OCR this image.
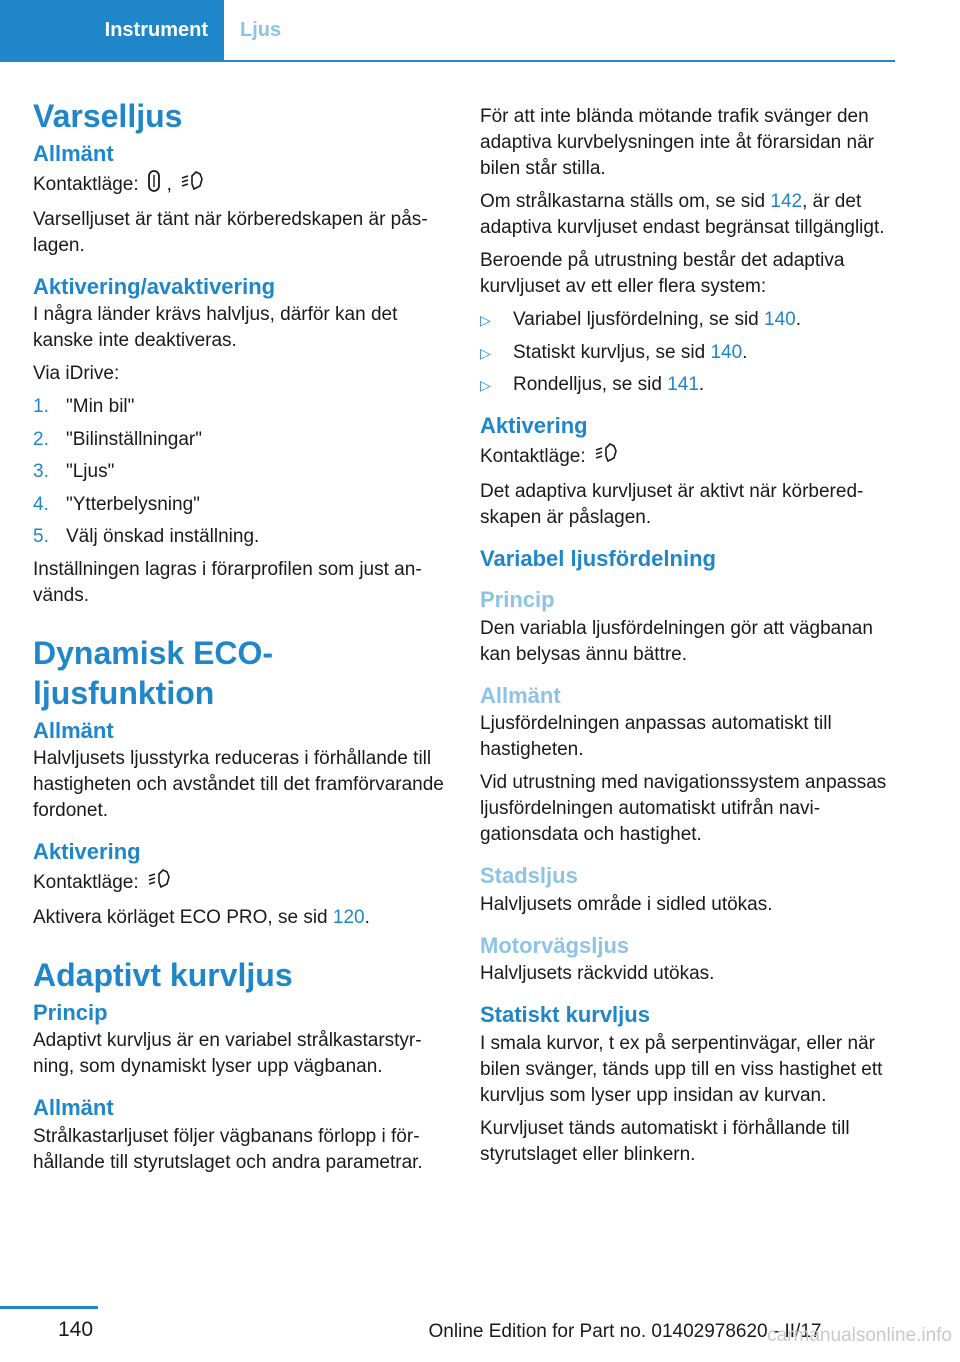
Instrument	Ljus
Varselljus
Allmänt

Kontaktläge: ,

Varselljuset är tänt när körberedskapen är påslagen.

Aktivering/avaktivering

I några länder krävs halvljus, därför kan det kanske inte deaktiveras.

Via iDrive:

1. "Min bil"
2. "Bilinställningar"
3. "Ljus"
4. "Ytterbelysning"
5. Välj önskad inställning.

Inställningen lagras i förarprofilen som just används.

Dynamisk ECO-ljusfunktion
Allmänt

Halvljusets ljusstyrka reduceras i förhållande till hastigheten och avståndet till det framförvarande fordonet.

Aktivering

Kontaktläge:

Aktivera körläget ECO PRO, se sid 120.

Adaptivt kurvljus
Princip

Adaptivt kurvljus är en variabel strålkastarstyrning, som dynamiskt lyser upp vägbanan.

Allmänt

Strålkastarljuset följer vägbanans förlopp i förhållande till styrutslaget och andra parametrar.

För att inte blända mötande trafik svänger den adaptiva kurvbelysningen inte åt förarsidan när bilen står stilla.

Om strålkastarna ställs om, se sid 142, är det adaptiva kurvljuset endast begränsat tillgängligt.

Beroende på utrustning består det adaptiva kurvljuset av ett eller flera system:

▷	Variabel ljusfördelning, se sid 140.
▷	Statiskt kurvljus, se sid 140.
▷	Rondelljus, se sid 141.
Aktivering

Kontaktläge:

Det adaptiva kurvljuset är aktivt när körberedskapen är påslagen.

Variabel ljusfördelning
Princip

Den variabla ljusfördelningen gör att vägbanan kan belysas ännu bättre.

Allmänt

Ljusfördelningen anpassas automatiskt till hastigheten.

Vid utrustning med navigationssystem anpassas ljusfördelningen automatiskt utifrån navigationsdata och hastighet.

Stadsljus

Halvljusets område i sidled utökas.

Motorvägsljus

Halvljusets räckvidd utökas.

Statiskt kurvljus

I smala kurvor, t ex på serpentinvägar, eller när bilen svänger, tänds upp till en viss hastighet ett kurvljus som lyser upp insidan av kurvan.

Kurvljuset tänds automatiskt i förhållande till styrutslaget eller blinkern.

140	Online Edition for Part no. 01402978620 - II/17
carmanualsonline.info
